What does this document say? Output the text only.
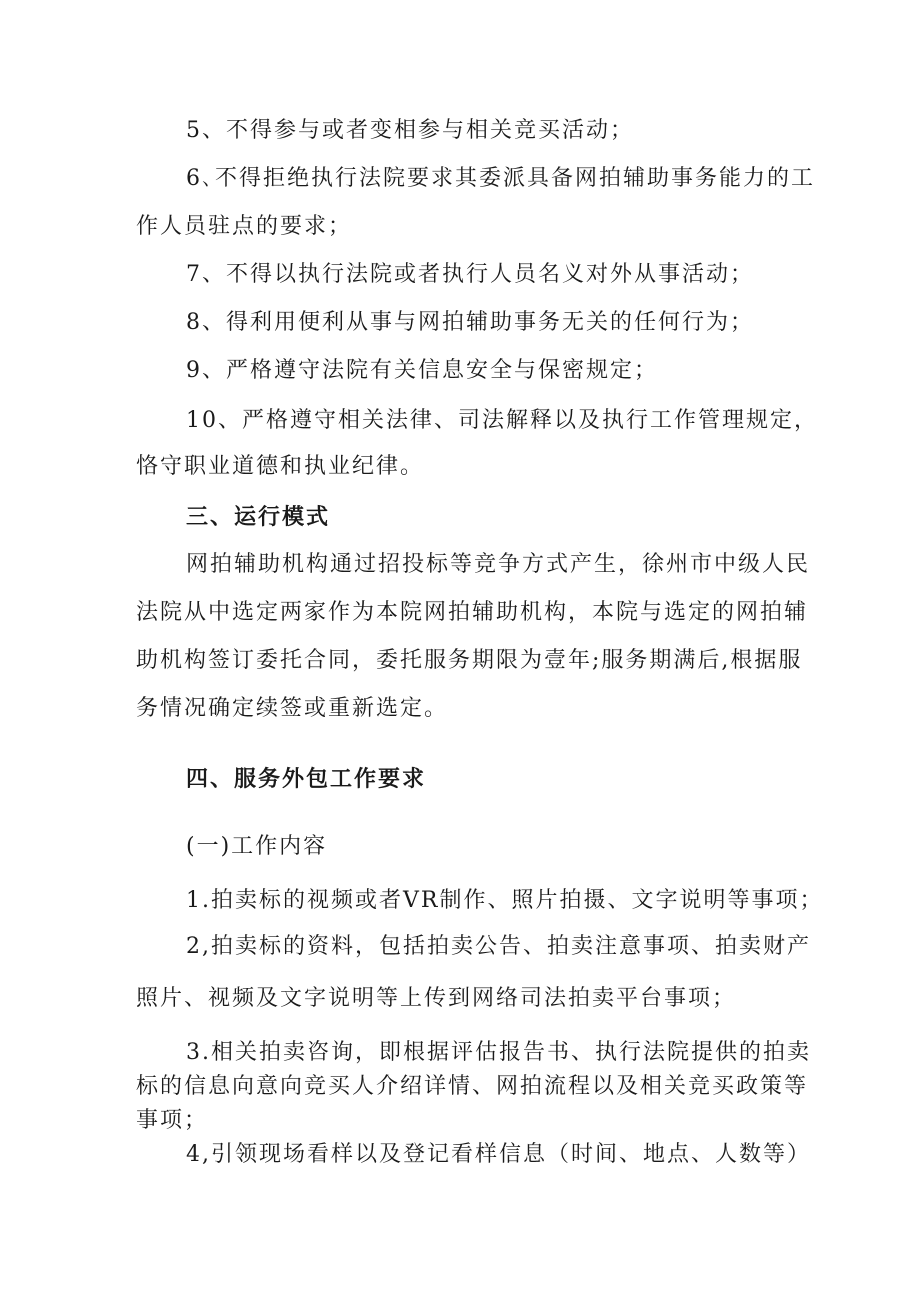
5、不得参与或者变相参与相关竞买活动；
6､不得拒绝执行法院要求其委派具备网拍辅助事务能力的工
作人员驻点的要求；
7、不得以执行法院或者执行人员名义对外从事活动；
8、得利用便利从事与网拍辅助事务无关的任何行为；
9、严格遵守法院有关信息安全与保密规定；
10、严格遵守相关法律、司法解释以及执行工作管理规定，
恪守职业道德和执业纪律。
三、运行模式
网拍辅助机构通过招投标等竞争方式产生，徐州市中级人民
法院从中选定两家作为本院网拍辅助机构，本院与选定的网拍辅
助机构签订委托合同，委托服务期限为壹年;服务期满后,根据服
务情况确定续签或重新选定。
四、服务外包工作要求
(一)工作内容
1.拍卖标的视频或者VR制作、照片拍摄、文字说明等事项；
2,拍卖标的资料，包括拍卖公告、拍卖注意事项、拍卖财产
照片、视频及文字说明等上传到网络司法拍卖平台事项；
3.相关拍卖咨询，即根据评估报告书、执行法院提供的拍卖
标的信息向意向竞买人介绍详情、网拍流程以及相关竞买政策等
事项；
4,引领现场看样以及登记看样信息（时间、地点、人数等）
